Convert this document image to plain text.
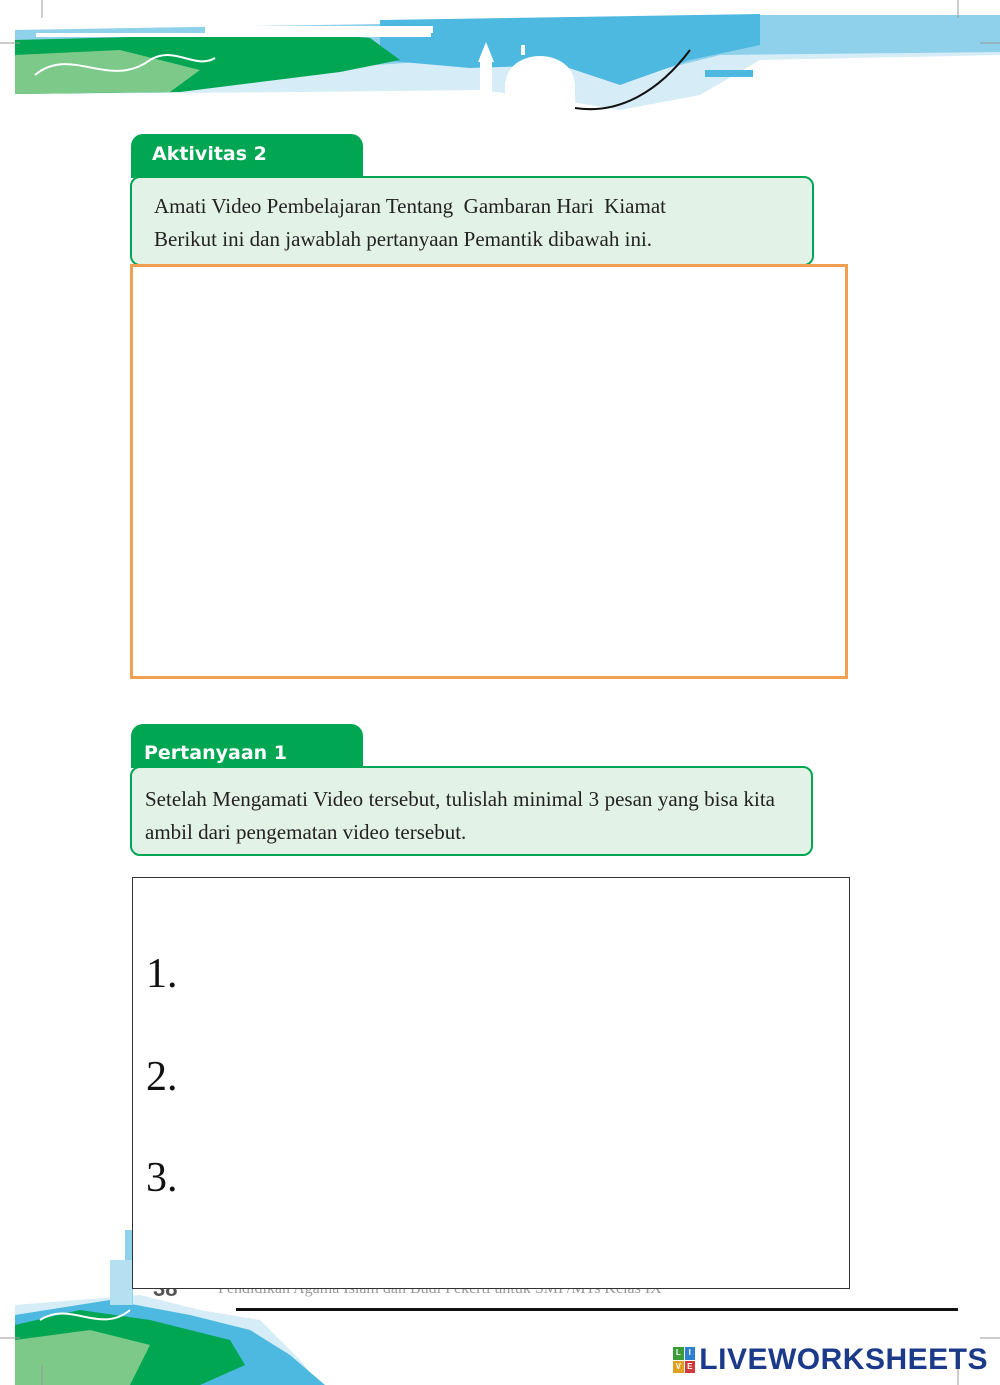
Aktivitas 2
Amati Video Pembelajaran Tentang  Gambaran Hari  Kiamat
Berikut ini dan jawablah pertanyaan Pemantik dibawah ini.
Pertanyaan 1
Setelah Mengamati Video tersebut, tulislah minimal 3 pesan yang bisa kita ambil dari pengematan video tersebut.
1.
2.
3.
L I
V E LIVEWORKSHEETS
